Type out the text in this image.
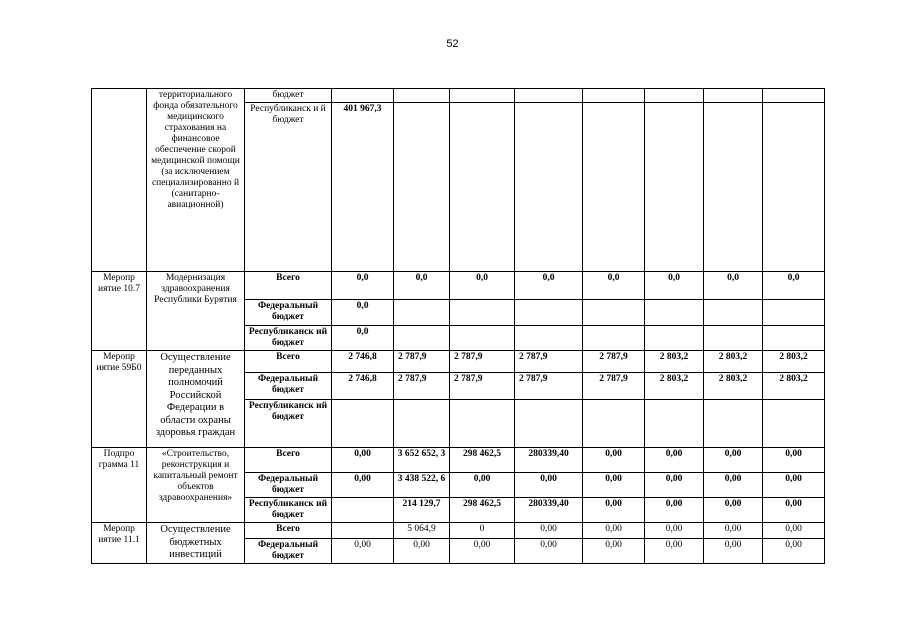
52
	территориального фонда обязательного медицинского страхования на финансовое обеспечение скорой медицинской помощи (за исключением специализированно й (санитарно-авиационной)	бюджет								
		Республиканск и й бюджет	401 967,3							
Меропр иятие 10.7	Модернизация здравоохранения Республики Бурятия	Всего	0,0	0,0	0,0	0,0	0,0	0,0	0,0	0,0
		Федеральный бюджет	0,0							
		Республиканск ий бюджет	0,0							
Меропр иятие 59Б0	Осуществление переданных полномочий Российской Федерации в области охраны здоровья граждан	Всего	2 746,8	2 787,9	2 787,9	2 787,9	2 787,9	2 803,2	2 803,2	2 803,2
		Федеральный бюджет	2 746,8	2 787,9	2 787,9	2 787,9	2 787,9	2 803,2	2 803,2	2 803,2
		Республиканск ий бюджет								
Подпро грамма 11	«Строительство, реконструкция и капитальный ремонт объектов здравоохранения»	Всего	0,00	3 652 652, 3	298 462,5	280339,40	0,00	0,00	0,00	0,00
		Федеральный бюджет	0,00	3 438 522, 6	0,00	0,00	0,00	0,00	0,00	0,00
		Республиканск ий бюджет		214 129,7	298 462,5	280339,40	0,00	0,00	0,00	0,00
Меропр иятие 11.1	Осуществление бюджетных инвестиций	Всего		5 064,9	0	0,00	0,00	0,00	0,00	0,00
		Федеральный бюджет	0,00	0,00	0,00	0,00	0,00	0,00	0,00	0,00
